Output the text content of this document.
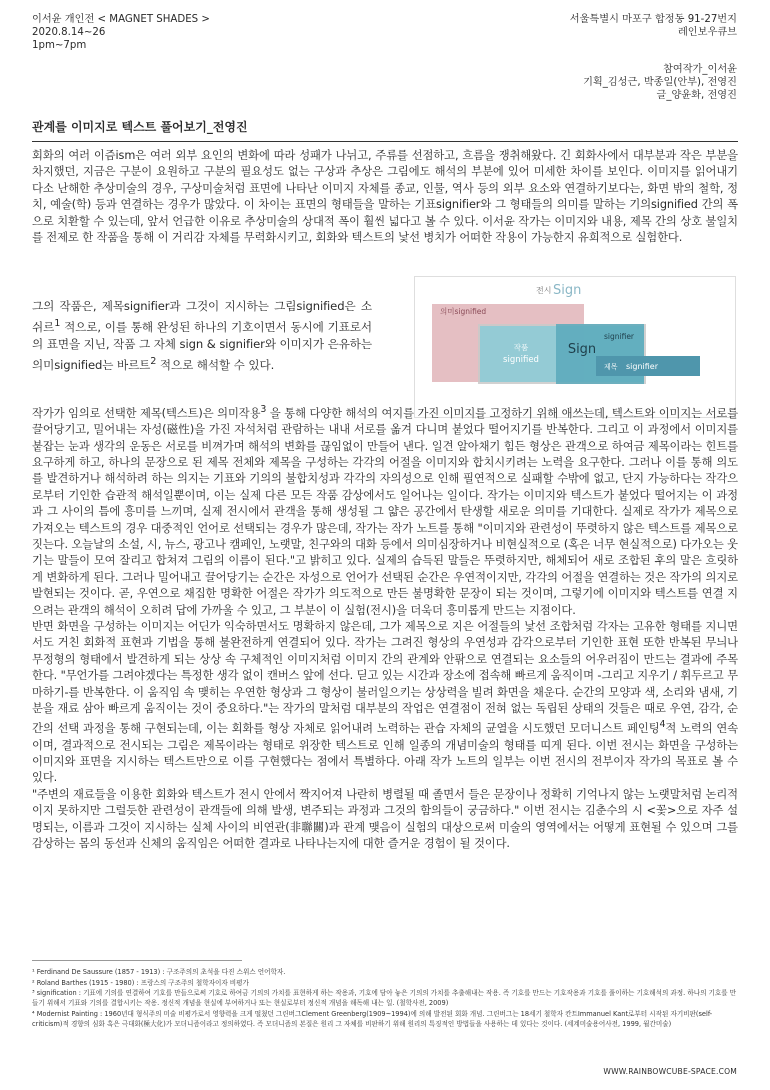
이서윤 개인전 < MAGNET SHADES >
2020.8.14~26
1pm~7pm
서울특별시 마포구 합정동 91-27번지
레인보우큐브
참여작가_이서윤
기획_김성근, 박종일(안부), 전영진
글_양윤화, 전영진
관계를 이미지로 텍스트 풀어보기_전영진
회화의 여러 이즘ism은 여러 외부 요인의 변화에 따라 성패가 나뉘고, 주류를 선점하고, 흐름을 쟁취해왔다. 긴 회화사에서 대부분과 작은 부분을 차지했던, 지금은 구분이 요원하고 구분의 필요성도 없는 구상과 추상은 그림에도 해석의 부분에 있어 미세한 차이를 보인다. 이미지를 읽어내기 다소 난해한 추상미술의 경우, 구상미술처럼 표면에 나타난 이미지 자체를 종교, 인물, 역사 등의 외부 요소와 연결하기보다는, 화면 밖의 철학, 정치, 예술(학) 등과 연결하는 경우가 많았다. 이 차이는 표면의 형태들을 말하는 기표signifier와 그 형태들의 의미를 말하는 기의signified 간의 폭으로 치환할 수 있는데, 앞서 언급한 이유로 추상미술의 상대적 폭이 훨씬 넓다고 볼 수 있다. 이서윤 작가는 이미지와 내용, 제목 간의 상호 불일치를 전제로 한 작품을 통해 이 거리감 자체를 무력화시키고, 회화와 텍스트의 낯선 병치가 어떠한 작용이 가능한지 유희적으로 실험한다.
그의 작품은, 제목signifier과 그것이 지시하는 그림signified은 소쉬르$^1$ 적으로, 이를 통해 완성된 하나의 기호이면서 동시에 기표로서의 표면을 지닌, 작품 그 자체 sign & signifier와 이미지가 은유하는 의미signified는 바르트$^2$ 적으로 해석할 수 있다.
전시 Sign
의미signified
작품
signified
Sign
signifier
제목 signifier

작가가 임의로 선택한 제목(텍스트)은 의미작용$^3$ 을 통해 다양한 해석의 여지를 가진 이미지를 고정하기 위해 애쓰는데, 텍스트와 이미지는 서로를 끌어당기고, 밀어내는 자성(磁性)을 가진 자석처럼 관람하는 내내 서로를 옮겨 다니며 붙었다 떨어지기를 반복한다. 그리고 이 과정에서 이미지를 붙잡는 눈과 생각의 운동은 서로를 비껴가며 해석의 변화를 끊임없이 만들어 낸다. 일견 알아채기 힘든 형상은 관객으로 하여금 제목이라는 힌트를 요구하게 하고, 하나의 문장으로 된 제목 전체와 제목을 구성하는 각각의 어절을 이미지와 합치시키려는 노력을 요구한다. 그러나 이를 통해 의도를 발견하거나 해석하려 하는 의지는 기표와 기의의 불합치성과 각각의 자의성으로 인해 필연적으로 실패할 수밖에 없고, 단지 가능하다는 작각으로부터 기인한 습관적 해석일뿐이며, 이는 실제 다른 모든 작품 감상에서도 일어나는 일이다. 작가는 이미지와 텍스트가 붙었다 떨어지는 이 과정과 그 사이의 틈에 흥미를 느끼며, 실제 전시에서 관객을 통해 생성될 그 얇은 공간에서 탄생할 새로운 의미를 기대한다. 실제로 작가가 제목으로 가져오는 텍스트의 경우 대중적인 언어로 선택되는 경우가 많은데, 작가는 작가 노트를 통해 "이미지와 관련성이 뚜렷하지 않은 텍스트를 제목으로 짓는다. 오늘날의 소설, 시, 뉴스, 광고나 캠페인, 노랫말, 친구와의 대화 등에서 의미심장하거나 비현실적으로 (혹은 너무 현실적으로) 다가오는 웃기는 말들이 모여 잘리고 합쳐져 그림의 이름이 된다."고 밝히고 있다. 실제의 습득된 말들은 뚜렷하지만, 해체되어 새로 조합된 후의 말은 흐릿하게 변화하게 된다. 그러나 밀어내고 끌어당기는 순간은 자성으로 언어가 선택된 순간은 우연적이지만, 각각의 어절을 연결하는 것은 작가의 의지로 발현되는 것이다. 곧, 우연으로 채집한 명확한 어절은 작가가 의도적으로 만든 불명확한 문장이 되는 것이며, 그렇기에 이미지와 텍스트를 연결 지으려는 관객의 해석이 오히려 답에 가까울 수 있고, 그 부분이 이 실험(전시)을 더욱더 흥미롭게 만드는 지점이다.

반면 화면을 구성하는 이미지는 어딘가 익숙하면서도 명확하지 않은데, 그가 제목으로 지은 어절들의 낯선 조합처럼 각자는 고유한 형태를 지니면서도 거친 회화적 표현과 기법을 통해 불완전하게 연결되어 있다. 작가는 그려진 형상의 우연성과 감각으로부터 기인한 표현 또한 반복된 무늬나 무정형의 형태에서 발견하게 되는 상상 속 구체적인 이미지처럼 이미지 간의 관계와 안팎으로 연결되는 요소들의 어우러짐이 만드는 결과에 주목한다. "무언가를 그려야겠다는 특정한 생각 없이 캔버스 앞에 선다. 딛고 있는 시간과 장소에 접속해 빠르게 움직이며 -그리고 지우기 / 휘두르고 무마하기-를 반복한다. 이 움직임 속 맺히는 우연한 형상과 그 형상이 불러일으키는 상상력을 빌려 화면을 채운다. 순간의 모양과 색, 소리와 냄새, 기분을 재료 삼아 빠르게 움직이는 것이 중요하다."는 작가의 말처럼 대부분의 작업은 연결점이 전혀 없는 독립된 상태의 것들은 때로 우연, 감각, 순간의 선택 과정을 통해 구현되는데, 이는 회화를 형상 자체로 읽어내려 노력하는 관습 자체의 균열을 시도했던 모더니스트 페인팅$^4$적 노력의 연속이며, 결과적으로 전시되는 그림은 제목이라는 형태로 위장한 텍스트로 인해 일종의 개념미술의 형태를 띠게 된다. 이번 전시는 화면을 구성하는 이미지와 표면을 지시하는 텍스트만으로 이를 구현했다는 점에서 특별하다. 아래 작가 노트의 일부는 이번 전시의 전부이자 작가의 목표로 볼 수 있다.

"주변의 재료들을 이용한 회화와 텍스트가 전시 안에서 짝지어져 나란히 병렬될 때 졸면서 들은 문장이나 정확히 기억나지 않는 노랫말처럼 논리적이지 못하지만 그럴듯한 관련성이 관객들에 의해 발생, 변주되는 과정과 그것의 함의들이 궁금하다." 이번 전시는 김춘수의 시 <꽃>으로 자주 설명되는, 이름과 그것이 지시하는 실체 사이의 비연관(非聯關)과 관계 맺음이 실험의 대상으로써 미술의 영역에서는 어떻게 표현될 수 있으며 그를 감상하는 몸의 동선과 신체의 움직임은 어떠한 결과로 나타나는지에 대한 즐거운 경험이 될 것이다.

¹ Ferdinand De Saussure (1857 - 1913) : 구조주의의 초석을 다진 스위스 언어학자.
² Roland Barthes (1915 - 1980) : 프랑스의 구조주의 철학자이자 비평가
³ signification : 기표에 기의를 연결하여 기호를 만들으로써 기호로 하여금 기의의 가치를 표현하게 하는 작용과, 기호에 담아 놓은 기의의 가치를 추출해내는 작용. 즉 기호를 만드는 기호작용과 기호를 풀이하는 기호해석의 과정. 하나의 기호를 만들기 위해서 기표와 기의를 결합시키는 작용. 정신적 개념을 현실에 부여하거나 또는 현실로부터 정신적 개념을 해독해 내는 일. (철학사전, 2009)
⁴ Modernist Painting : 1960년대 형식주의 미술 비평가로서 영향력을 크게 떨쳤던 그린버그Clement Greenberg(1909~1994)에 의해 발전된 회화 개념. 그린버그는 18세기 철학자 칸트Immanuel Kant로부터 시작된 자기비판(self-criticism)적 경향의 심화 혹은 극대화(極大化)가 모더니즘이라고 정의하였다. 즉 모더니즘의 본질은 원리 그 자체를 비판하기 위해 원리의 특징적인 방법들을 사용하는 데 있다는 것이다. (세계미술용어사전, 1999, 월간미술)
WWW.RAINBOWCUBE-SPACE.COM
